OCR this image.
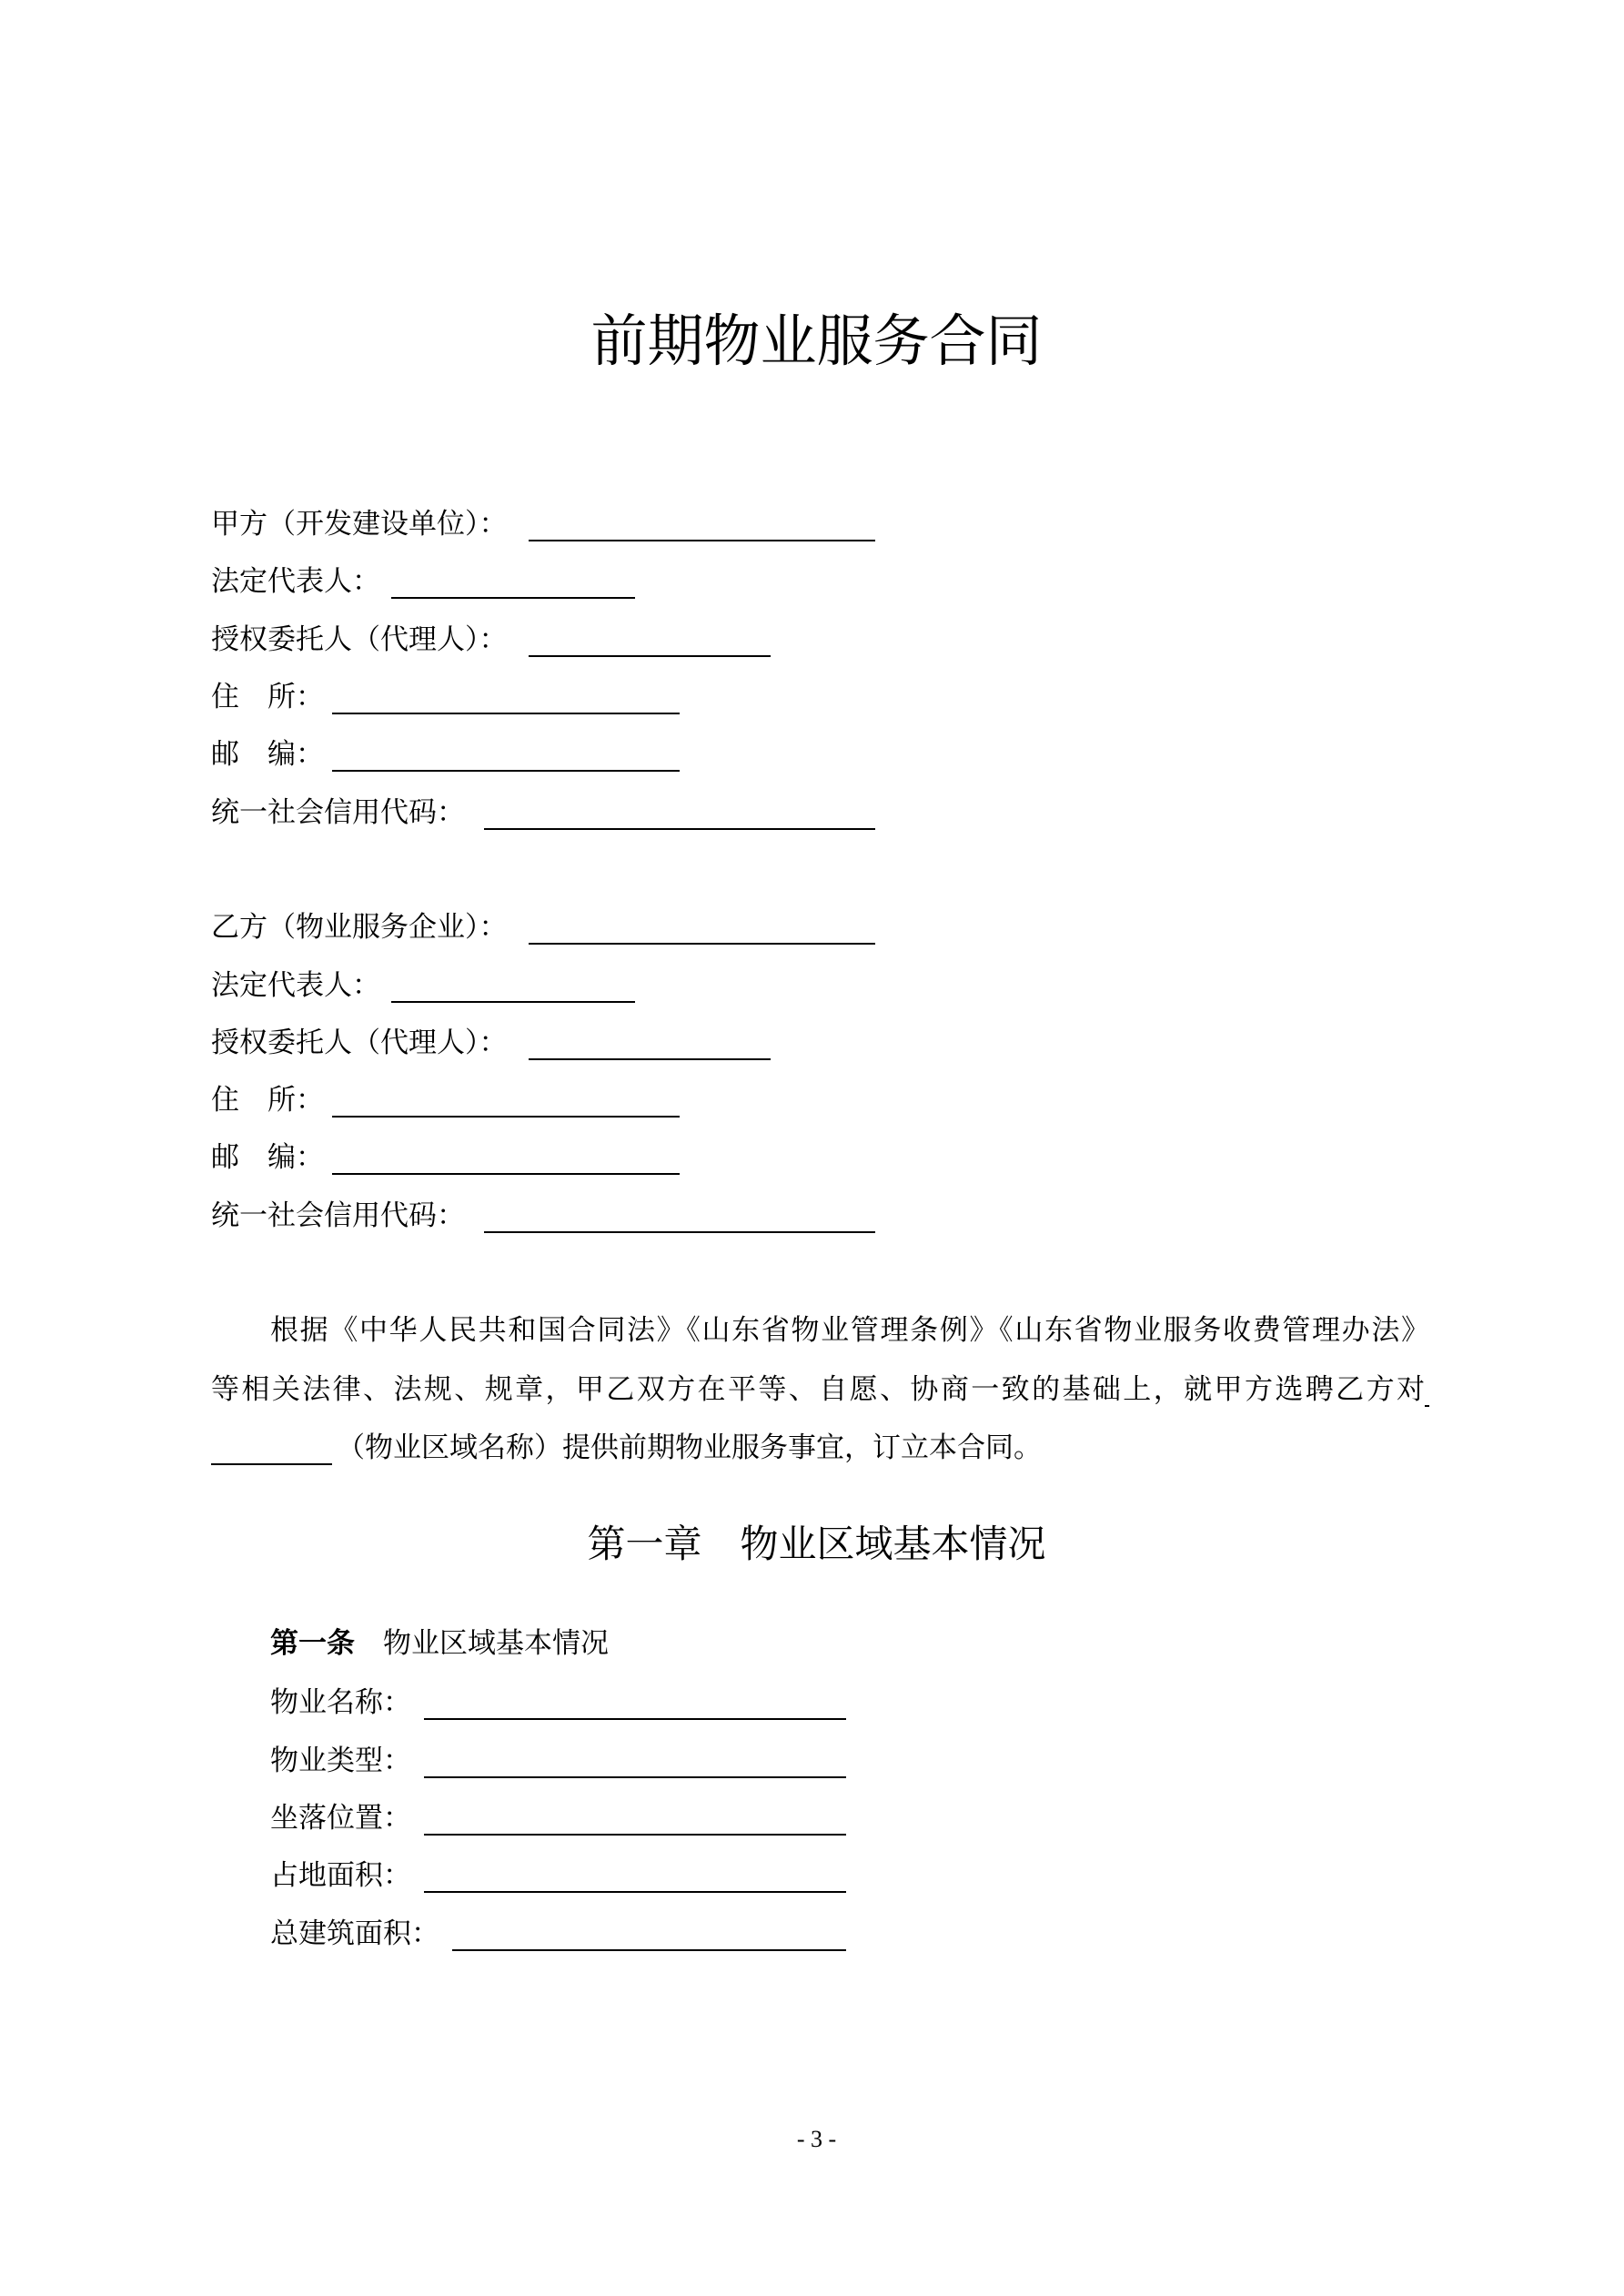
前期物业服务合同
甲方（开发建设单位）：
法定代表人：
授权委托人（代理人）：
住　所：
邮　编：
统一社会信用代码：
乙方（物业服务企业）：
法定代表人：
授权委托人（代理人）：
住　所：
邮　编：
统一社会信用代码：
根据《中华人民共和国合同法》《山东省物业管理条例》《山东省物业服务收费管理办法》
等相关法律、法规、规章，甲乙双方在平等、自愿、协商一致的基础上，就甲方选聘乙方对
（物业区域名称）提供前期物业服务事宜，订立本合同。
第一章　物业区域基本情况
第一条 物业区域基本情况
物业名称：
物业类型：
坐落位置：
占地面积：
总建筑面积：
- 3 -
